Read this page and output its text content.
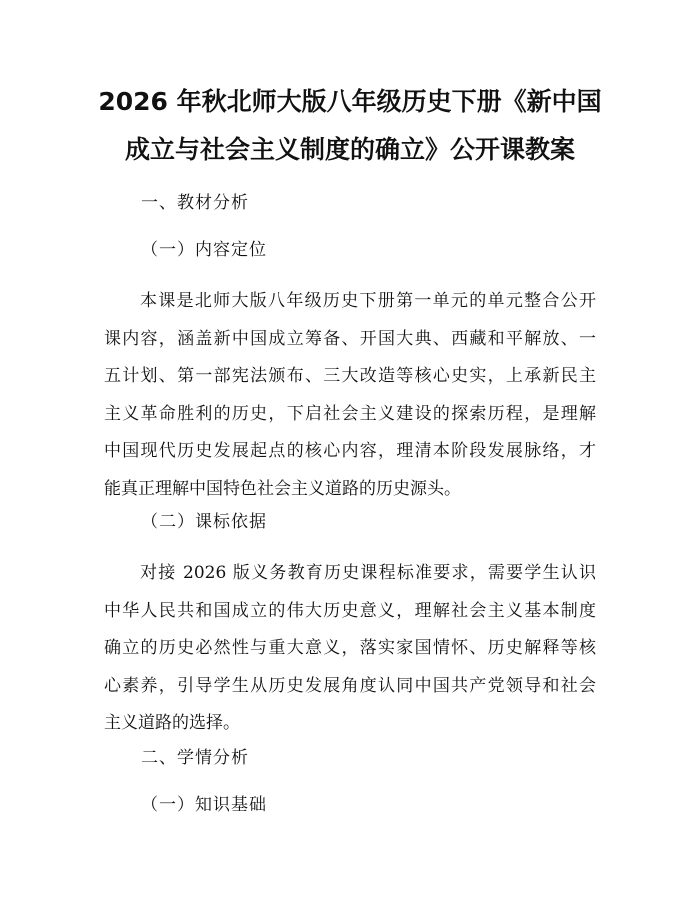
2026 年秋北师大版八年级历史下册《新中国
成立与社会主义制度的确立》公开课教案

一、教材分析

（一）内容定位

本课是北师大版八年级历史下册第一单元的单元整合公开
课内容，涵盖新中国成立筹备、开国大典、西藏和平解放、一
五计划、第一部宪法颁布、三大改造等核心史实，上承新民主
主义革命胜利的历史，下启社会主义建设的探索历程，是理解
中国现代历史发展起点的核心内容，理清本阶段发展脉络，才
能真正理解中国特色社会主义道路的历史源头。

（二）课标依据

对接 2026 版义务教育历史课程标准要求，需要学生认识
中华人民共和国成立的伟大历史意义，理解社会主义基本制度
确立的历史必然性与重大意义，落实家国情怀、历史解释等核
心素养，引导学生从历史发展角度认同中国共产党领导和社会
主义道路的选择。

二、学情分析

（一）知识基础
